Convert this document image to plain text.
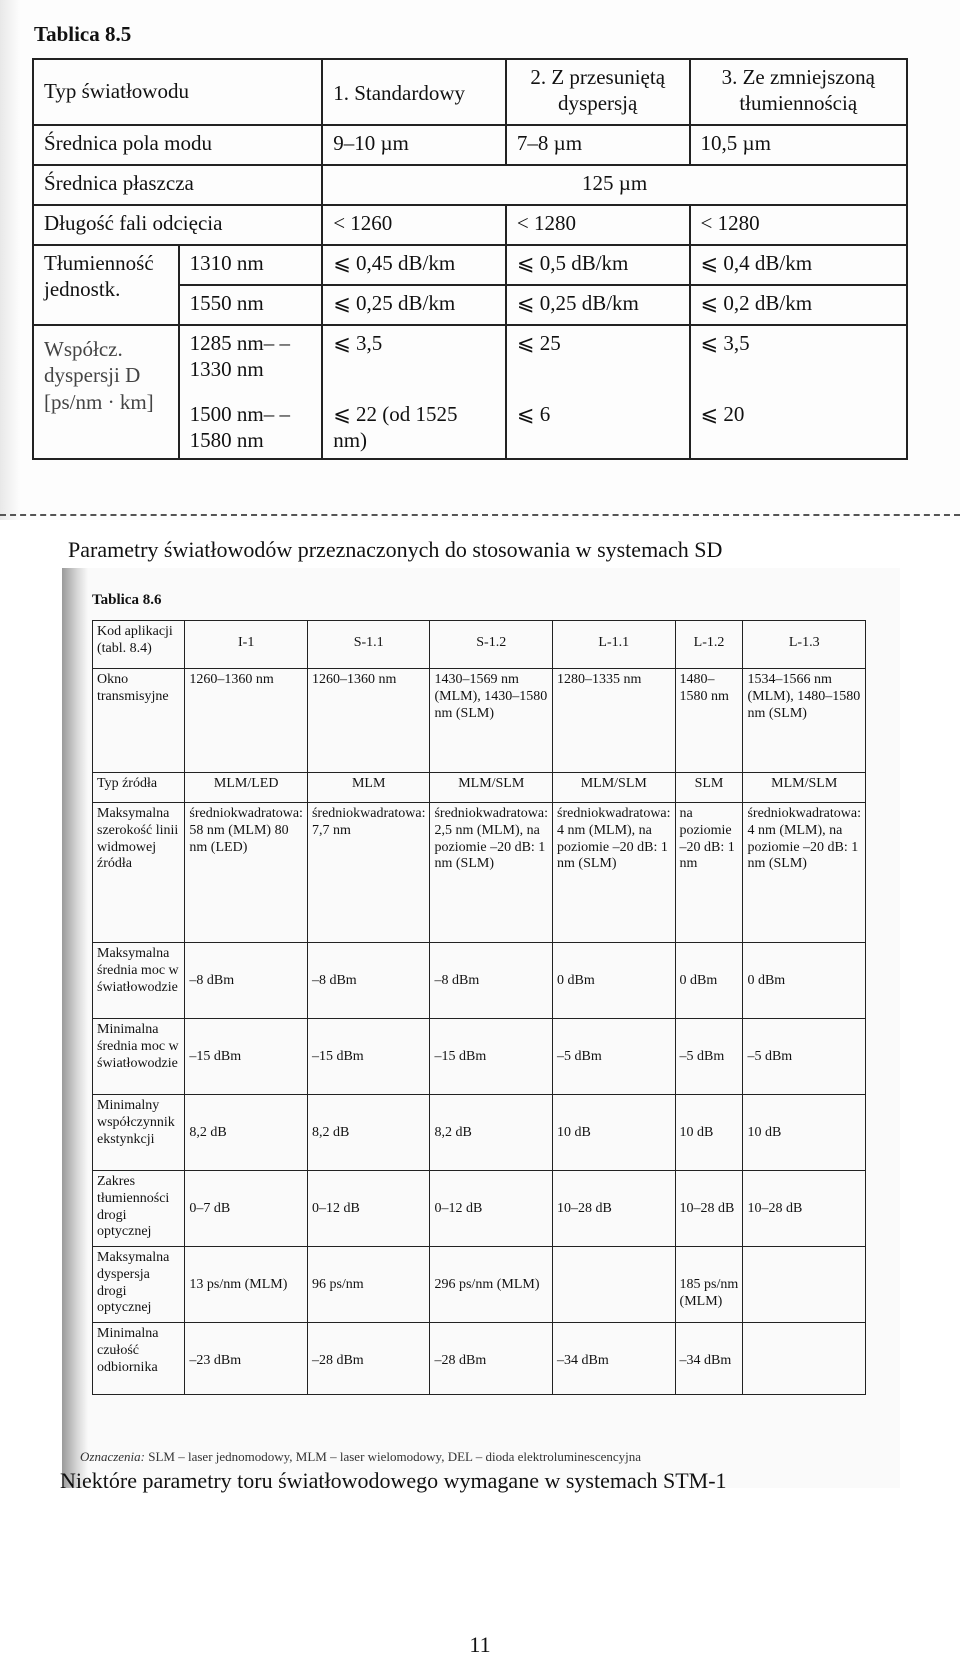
Tablica 8.5
Typ światłowodu		1. Standardowy	2. Z przesuniętą dyspersją	3. Ze zmniejszoną tłumiennością
Średnica pola modu		9–10 µm	7–8 µm	10,5 µm
Średnica płaszcza		125 µm		
Długość fali odcięcia		< 1260	< 1280	< 1280
Tłumienność jednostk.	1310 nm	⩽ 0,45 dB/km	⩽ 0,5 dB/km	⩽ 0,4 dB/km
	1550 nm	⩽ 0,25 dB/km	⩽ 0,25 dB/km	⩽ 0,2 dB/km
Współcz. dyspersji D [ps/nm · km]	1285 nm– –1330 nm	⩽ 3,5	⩽ 25	⩽ 3,5
	1500 nm– –1580 nm	⩽ 22 (od 1525 nm)	⩽ 6	⩽ 20
Parametry światłowodów przeznaczonych do stosowania w systemach SD
Tablica 8.6
Kod aplikacji (tabl. 8.4)	I-1	S-1.1	S-1.2	L-1.1	L-1.2	L-1.3
Okno transmisyjne	1260–1360 nm	1260–1360 nm	1430–1569 nm (MLM), 1430–1580 nm (SLM)	1280–1335 nm	1480–1580 nm	1534–1566 nm (MLM), 1480–1580 nm (SLM)
Typ źródła	MLM/LED	MLM	MLM/SLM	MLM/SLM	SLM	MLM/SLM
Maksymalna szerokość linii widmowej źródła	średniokwadratowa: 58 nm (MLM) 80 nm (LED)	średniokwadratowa: 7,7 nm	średniokwadratowa: 2,5 nm (MLM), na poziomie –20 dB: 1 nm (SLM)	średniokwadratowa: 4 nm (MLM), na poziomie –20 dB: 1 nm (SLM)	na poziomie –20 dB: 1 nm	średniokwadratowa: 4 nm (MLM), na poziomie –20 dB: 1 nm (SLM)
Maksymalna średnia moc w światłowodzie	–8 dBm	–8 dBm	–8 dBm	0 dBm	0 dBm	0 dBm
Minimalna średnia moc w światłowodzie	–15 dBm	–15 dBm	–15 dBm	–5 dBm	–5 dBm	–5 dBm
Minimalny współczynnik ekstynkcji	8,2 dB	8,2 dB	8,2 dB	10 dB	10 dB	10 dB
Zakres tłumienności drogi optycznej	0–7 dB	0–12 dB	0–12 dB	10–28 dB	10–28 dB	10–28 dB
Maksymalna dyspersja drogi optycznej	13 ps/nm (MLM)	96 ps/nm	296 ps/nm (MLM)		185 ps/nm (MLM)	
Minimalna czułość odbiornika	–23 dBm	–28 dBm	–28 dBm	–34 dBm	–34 dBm	
Oznaczenia: SLM – laser jednomodowy, MLM – laser wielomodowy, DEL – dioda elektroluminescencyjna
Niektóre parametry toru światłowodowego wymagane w systemach STM-1
11
